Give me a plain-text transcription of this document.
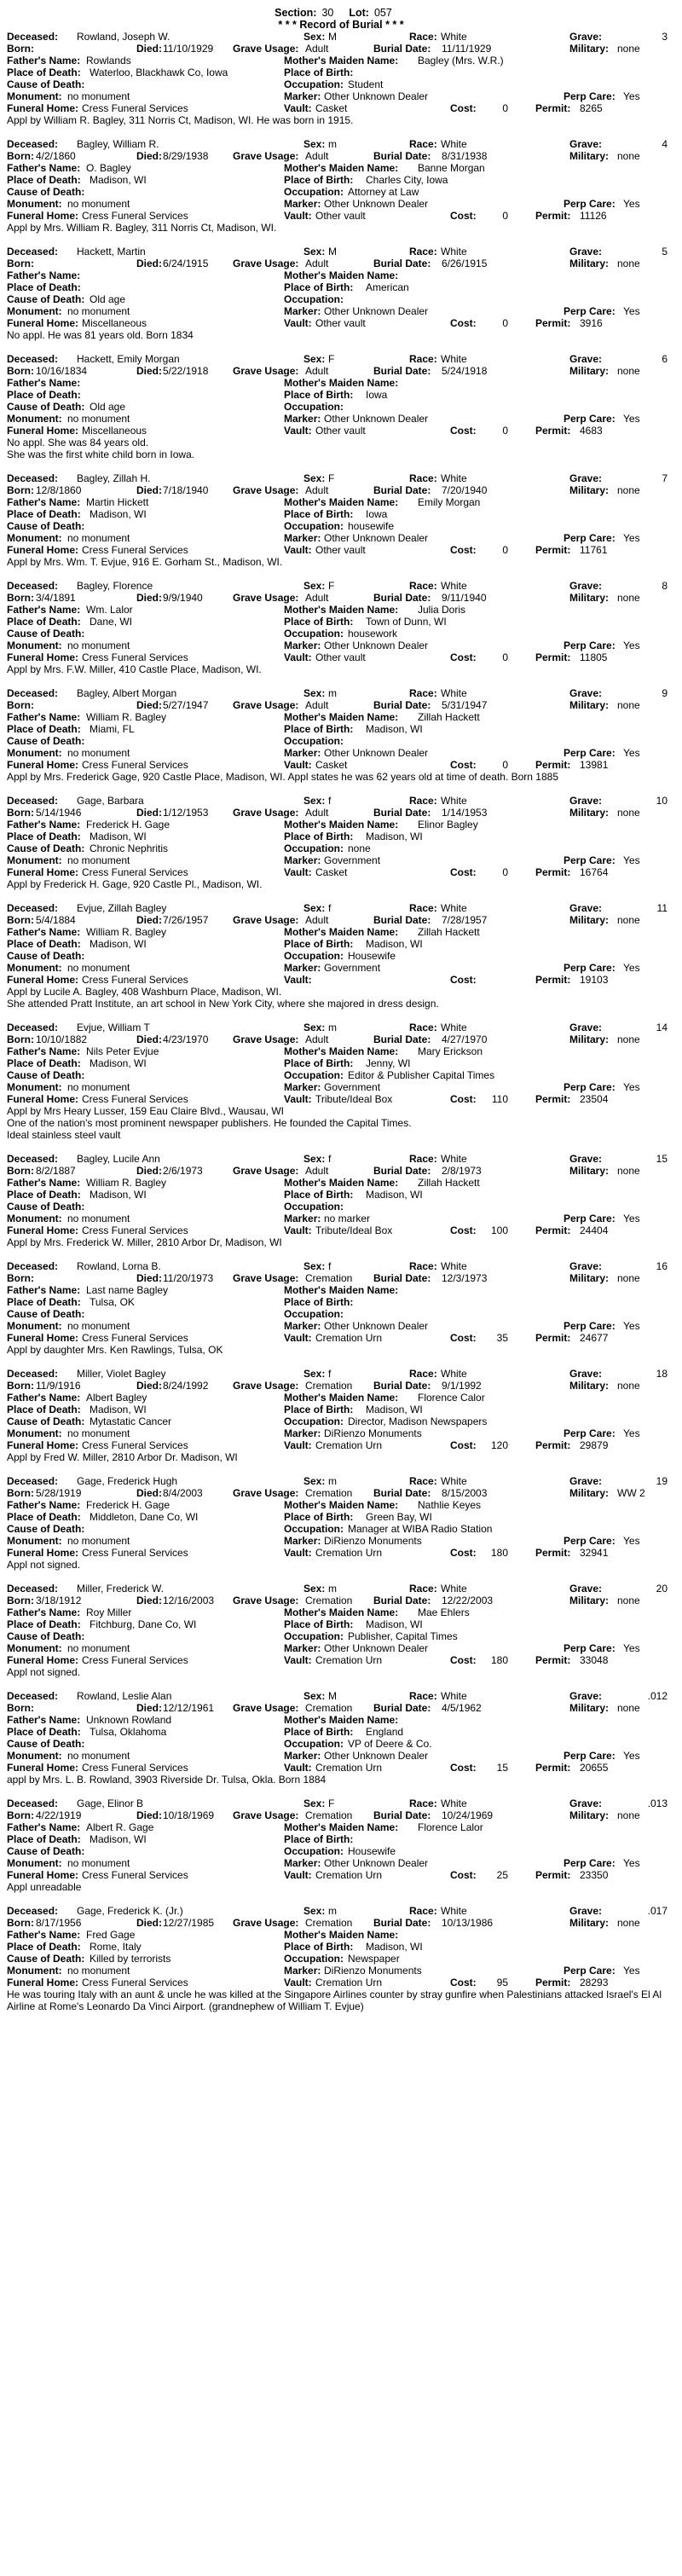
Section: 30 Lot: 057
* * * Record of Burial * * *
Deceased: Rowland, Joseph W.	Sex: M	Race: White	Grave:	3
Born:	Died: 11/10/1929 Grave Usage: Adult	Burial Date: 11/11/1929	Military: none
Father's Name: Rowlands	Mother's Maiden Name: Bagley (Mrs. W.R.)
Place of Death: Waterloo, Blackhawk Co, Iowa	Place of Birth:
Cause of Death:	Occupation: Student
Monument: no monument	Marker: Other Unknown Dealer	Perp Care: Yes
Funeral Home: Cress Funeral Services	Vault: Casket	Cost:	0	Permit: 8265
Appl by William R. Bagley, 311 Norris Ct, Madison, WI. He was born in 1915.
Deceased: Bagley, William R.	Sex: m	Race: White	Grave:	4
Born: 4/2/1860	Died: 8/29/1938 Grave Usage: Adult	Burial Date: 8/31/1938	Military: none
Father's Name: O. Bagley	Mother's Maiden Name: Banne Morgan
Place of Death: Madison, WI	Place of Birth: Charles City, Iowa
Cause of Death:	Occupation: Attorney at Law
Monument: no monument	Marker: Other Unknown Dealer	Perp Care: Yes
Funeral Home: Cress Funeral Services	Vault: Other vault	Cost:	0	Permit: 11126
Appl by Mrs. William R. Bagley, 311 Norris Ct, Madison, WI.
Deceased: Hackett, Martin	Sex: M	Race: White	Grave:	5
Born:	Died: 6/24/1915 Grave Usage: Adult	Burial Date: 6/26/1915	Military: none
Father's Name:	Mother's Maiden Name:
Place of Death:	Place of Birth: American
Cause of Death: Old age	Occupation:
Monument: no monument	Marker: Other Unknown Dealer	Perp Care: Yes
Funeral Home: Miscellaneous	Vault: Other vault	Cost:	0	Permit: 3916
No appl. He was 81 years old. Born 1834
Deceased: Hackett, Emily Morgan	Sex: F	Race: White	Grave:	6
Born: 10/16/1834	Died: 5/22/1918 Grave Usage: Adult	Burial Date: 5/24/1918	Military: none
Father's Name:	Mother's Maiden Name:
Place of Death:	Place of Birth: Iowa
Cause of Death: Old age	Occupation:
Monument: no monument	Marker: Other Unknown Dealer	Perp Care: Yes
Funeral Home: Miscellaneous	Vault: Other vault	Cost:	0	Permit: 4683
No appl. She was 84 years old.
She was the first white child born in Iowa.
Deceased: Bagley, Zillah H.	Sex: F	Race: White	Grave:	7
Born: 12/8/1860	Died: 7/18/1940 Grave Usage: Adult	Burial Date: 7/20/1940	Military: none
Father's Name: Martin Hickett	Mother's Maiden Name: Emily Morgan
Place of Death: Madison, WI	Place of Birth: Iowa
Cause of Death:	Occupation: housewife
Monument: no monument	Marker: Other Unknown Dealer	Perp Care: Yes
Funeral Home: Cress Funeral Services	Vault: Other vault	Cost:	0	Permit: 11761
Appl by Mrs. Wm. T. Evjue, 916 E. Gorham St., Madison, WI.
Deceased: Bagley, Florence	Sex: F	Race: White	Grave:	8
Born: 3/4/1891	Died: 9/9/1940	Grave Usage: Adult	Burial Date: 9/11/1940	Military: none
Father's Name: Wm. Lalor	Mother's Maiden Name: Julia Doris
Place of Death: Dane, WI	Place of Birth: Town of Dunn, WI
Cause of Death:	Occupation: housework
Monument: no monument	Marker: Other Unknown Dealer	Perp Care: Yes
Funeral Home: Cress Funeral Services	Vault: Other vault	Cost:	0	Permit: 11805
Appl by Mrs. F.W. Miller, 410 Castle Place, Madison, WI.
Deceased: Bagley, Albert Morgan	Sex: m	Race: White	Grave:	9
Born:	Died: 5/27/1947 Grave Usage: Adult	Burial Date: 5/31/1947	Military: none
Father's Name: William R. Bagley	Mother's Maiden Name: Zillah Hackett
Place of Death: Miami, FL	Place of Birth: Madison, WI
Cause of Death:	Occupation:
Monument: no monument	Marker: Other Unknown Dealer	Perp Care: Yes
Funeral Home: Cress Funeral Services	Vault: Casket	Cost:	0	Permit: 13981
Appl by Mrs. Frederick Gage, 920 Castle Place, Madison, WI. Appl states he was 62 years old at time of death. Born 1885
Deceased: Gage, Barbara	Sex: f	Race: White	Grave:	10
Born: 5/14/1946	Died: 1/12/1953 Grave Usage: Adult	Burial Date: 1/14/1953	Military: none
Father's Name: Frederick H. Gage	Mother's Maiden Name: Elinor Bagley
Place of Death: Madison, WI	Place of Birth: Madison, WI
Cause of Death: Chronic Nephritis	Occupation: none
Monument: no monument	Marker: Government	Perp Care: Yes
Funeral Home: Cress Funeral Services	Vault: Casket	Cost:	0	Permit: 16764
Appl by Frederick H. Gage, 920 Castle Pl., Madison, WI.
Deceased: Evjue, Zillah Bagley	Sex: f	Race: White	Grave:	11
Born: 5/4/1884	Died: 7/26/1957 Grave Usage: Adult	Burial Date: 7/28/1957	Military: none
Father's Name: William R. Bagley	Mother's Maiden Name: Zillah Hackett
Place of Death: Madison, WI	Place of Birth: Madison, WI
Cause of Death:	Occupation: Housewife
Monument: no monument	Marker: Government	Perp Care: Yes
Funeral Home: Cress Funeral Services	Vault:	Cost:	Permit: 19103
Appl by Lucile A. Bagley, 408 Washburn Place, Madison, WI.
She attended Pratt Institute, an art school in New York City, where she majored in dress design.
Deceased: Evjue, William T	Sex: m	Race: White	Grave:	14
Born: 10/10/1882	Died: 4/23/1970 Grave Usage: Adult	Burial Date: 4/27/1970	Military: none
Father's Name: Nils Peter Evjue	Mother's Maiden Name: Mary Erickson
Place of Death: Madison, WI	Place of Birth: Jenny, WI
Cause of Death:	Occupation: Editor & Publisher Capital Times
Monument: no monument	Marker: Government	Perp Care: Yes
Funeral Home: Cress Funeral Services	Vault: Tribute/Ideal Box	Cost:	110	Permit: 23504
Appl by Mrs Heary Lusser, 159 Eau Claire Blvd., Wausau, WI
One of the nation's most prominent newspaper publishers. He founded the Capital Times.
Ideal stainless steel vault
Deceased: Bagley, Lucile Ann	Sex: f	Race: White	Grave:	15
Born: 8/2/1887	Died: 2/6/1973	Grave Usage: Adult	Burial Date: 2/8/1973	Military: none
Father's Name: William R. Bagley	Mother's Maiden Name: Zillah Hackett
Place of Death: Madison, WI	Place of Birth: Madison, WI
Cause of Death:	Occupation:
Monument: no monument	Marker: no marker	Perp Care: Yes
Funeral Home: Cress Funeral Services	Vault: Tribute/Ideal Box	Cost:	100	Permit: 24404
Appl by Mrs. Frederick W. Miller, 2810 Arbor Dr, Madison, WI
Deceased: Rowland, Lorna B.	Sex: f	Race: White	Grave:	16
Born:	Died: 11/20/1973 Grave Usage: Cremation Burial Date: 12/3/1973	Military: none
Father's Name: Last name Bagley	Mother's Maiden Name:
Place of Death: Tulsa, OK	Place of Birth:
Cause of Death:	Occupation:
Monument: no monument	Marker: Other Unknown Dealer	Perp Care: Yes
Funeral Home: Cress Funeral Services	Vault: Cremation Urn	Cost:	35	Permit: 24677
Appl by daughter Mrs. Ken Rawlings, Tulsa, OK
Deceased: Miller, Violet Bagley	Sex: f	Race: White	Grave:	18
Born: 11/9/1916	Died: 8/24/1992 Grave Usage: Cremation Burial Date: 9/1/1992	Military: none
Father's Name: Albert Bagley	Mother's Maiden Name: Florence Calor
Place of Death: Madison, WI	Place of Birth: Madison, WI
Cause of Death: Mytastatic Cancer	Occupation: Director, Madison Newspapers
Monument: no monument	Marker: DiRienzo Monuments	Perp Care: Yes
Funeral Home: Cress Funeral Services	Vault: Cremation Urn	Cost:	120	Permit: 29879
Appl by Fred W. Miller, 2810 Arbor Dr. Madison, WI
Deceased: Gage, Frederick Hugh	Sex: m	Race: White	Grave:	19
Born: 5/28/1919	Died: 8/4/2003	Grave Usage: Cremation Burial Date: 8/15/2003	Military: WW 2
Father's Name: Frederick H. Gage	Mother's Maiden Name: Nathlie Keyes
Place of Death: Middleton, Dane Co, WI	Place of Birth: Green Bay, WI
Cause of Death:	Occupation: Manager at WIBA Radio Station
Monument: no monument	Marker: DiRienzo Monuments	Perp Care: Yes
Funeral Home: Cress Funeral Services	Vault: Cremation Urn	Cost:	180	Permit: 32941
Appl not signed.
Deceased: Miller, Frederick W.	Sex: m	Race: White	Grave:	20
Born: 3/18/1912	Died: 12/16/2003 Grave Usage: Cremation Burial Date: 12/22/2003	Military: none
Father's Name: Roy Miller	Mother's Maiden Name: Mae Ehlers
Place of Death: Fitchburg, Dane Co, WI	Place of Birth: Madison, WI
Cause of Death:	Occupation: Publisher, Capital Times
Monument: no monument	Marker: Other Unknown Dealer	Perp Care: Yes
Funeral Home: Cress Funeral Services	Vault: Cremation Urn	Cost:	180	Permit: 33048
Appl not signed.
Deceased: Rowland, Leslie Alan	Sex: M	Race: White	Grave:	.012
Born:	Died: 12/12/1961 Grave Usage: Cremation Burial Date: 4/5/1962	Military: none
Father's Name: Unknown Rowland	Mother's Maiden Name:
Place of Death: Tulsa, Oklahoma	Place of Birth: England
Cause of Death:	Occupation: VP of Deere & Co.
Monument: no monument	Marker: Other Unknown Dealer	Perp Care: Yes
Funeral Home: Cress Funeral Services	Vault: Cremation Urn	Cost:	15	Permit: 20655
appl by Mrs. L. B. Rowland, 3903 Riverside Dr. Tulsa, Okla. Born 1884
Deceased: Gage, Elinor B	Sex: F	Race: White	Grave:	.013
Born: 4/22/1919	Died: 10/18/1969 Grave Usage: Cremation Burial Date: 10/24/1969	Military: none
Father's Name: Albert R. Gage	Mother's Maiden Name: Florence Lalor
Place of Death: Madison, WI	Place of Birth:
Cause of Death:	Occupation: Housewife
Monument: no monument	Marker: Other Unknown Dealer	Perp Care: Yes
Funeral Home: Cress Funeral Services	Vault: Cremation Urn	Cost:	25	Permit: 23350
Appl unreadable
Deceased: Gage, Frederick K. (Jr.)	Sex: m	Race: White	Grave:	.017
Born: 8/17/1956	Died: 12/27/1985 Grave Usage: Cremation Burial Date: 10/13/1986	Military: none
Father's Name: Fred Gage	Mother's Maiden Name:
Place of Death: Rome, Italy	Place of Birth: Madison, WI
Cause of Death: Killed by terrorists	Occupation: Newspaper
Monument: no monument	Marker: DiRienzo Monuments	Perp Care: Yes
Funeral Home: Cress Funeral Services	Vault: Cremation Urn	Cost:	95	Permit: 28293
He was touring Italy with an aunt & uncle he was killed at the Singapore Airlines counter by stray gunfire when Palestinians attacked Israel's El Al Airline at Rome's Leonardo Da Vinci Airport. (grandnephew of William T. Evjue)
